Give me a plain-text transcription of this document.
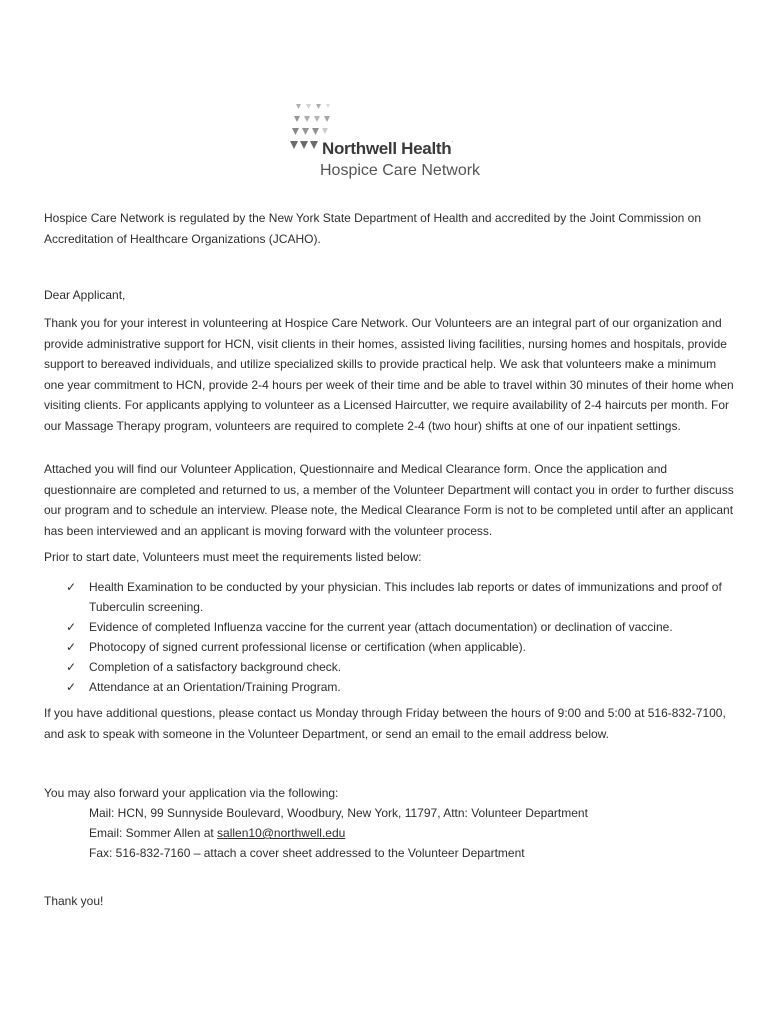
Northwell Health·
Hospice Care Network
Hospice Care Network is regulated by the New York State Department of Health and accredited by the Joint Commission on Accreditation of Healthcare Organizations (JCAHO).
Dear Applicant,
Thank you for your interest in volunteering at Hospice Care Network. Our Volunteers are an integral part of our organization and provide administrative support for HCN, visit clients in their homes, assisted living facilities, nursing homes and hospitals, provide support to bereaved individuals, and utilize specialized skills to provide practical help. We ask that volunteers make a minimum one year commitment to HCN, provide 2-4 hours per week of their time and be able to travel within 30 minutes of their home when visiting clients. For applicants applying to volunteer as a Licensed Haircutter, we require availability of 2-4 haircuts per month. For our Massage Therapy program, volunteers are required to complete 2-4 (two hour) shifts at one of our inpatient settings.
Attached you will find our Volunteer Application, Questionnaire and Medical Clearance form. Once the application and questionnaire are completed and returned to us, a member of the Volunteer Department will contact you in order to further discuss our program and to schedule an interview. Please note, the Medical Clearance Form is not to be completed until after an applicant has been interviewed and an applicant is moving forward with the volunteer process.
Prior to start date, Volunteers must meet the requirements listed below:
✓ Health Examination to be conducted by your physician. This includes lab reports or dates of immunizations and proof of Tuberculin screening.
✓ Evidence of completed Influenza vaccine for the current year (attach documentation) or declination of vaccine.
✓ Photocopy of signed current professional license or certification (when applicable).
✓ Completion of a satisfactory background check.
✓ Attendance at an Orientation/Training Program.
If you have additional questions, please contact us Monday through Friday between the hours of 9:00 and 5:00 at 516-832-7100, and ask to speak with someone in the Volunteer Department, or send an email to the email address below.
You may also forward your application via the following:
Mail: HCN, 99 Sunnyside Boulevard, Woodbury, New York, 11797, Attn: Volunteer Department
Email: Sommer Allen at sallen10@northwell.edu
Fax: 516-832-7160 – attach a cover sheet addressed to the Volunteer Department
Thank you!
